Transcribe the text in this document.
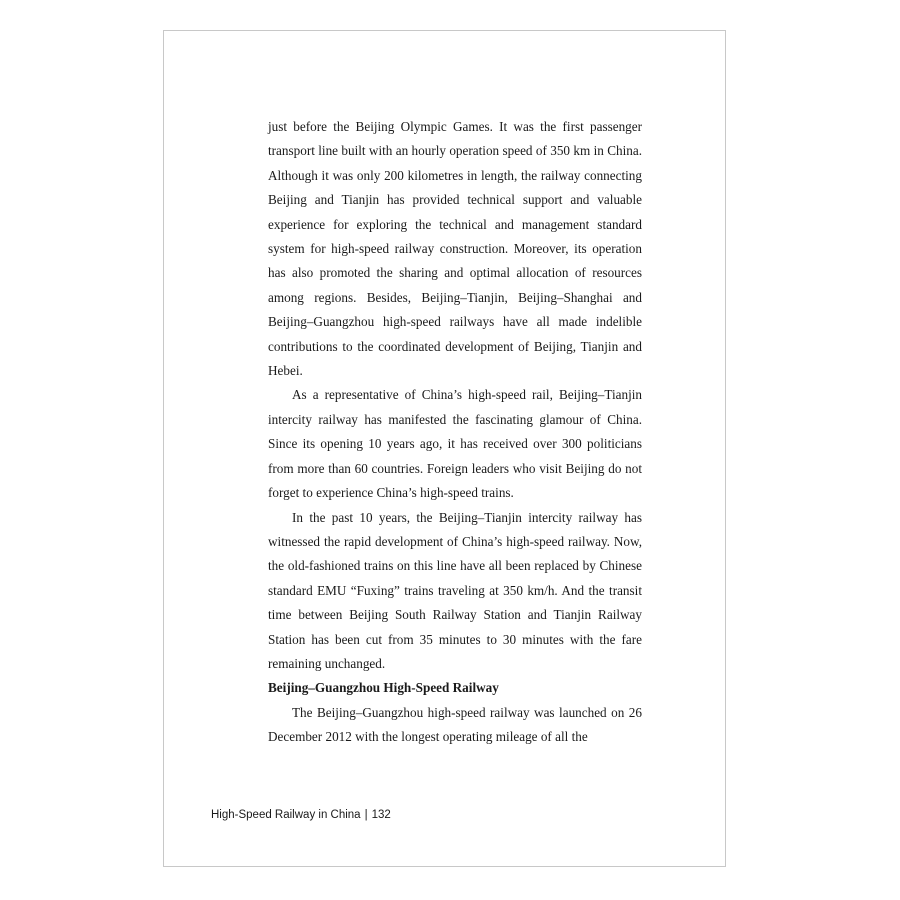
just before the Beijing Olympic Games. It was the first passenger transport line built with an hourly operation speed of 350 km in China. Although it was only 200 kilometres in length, the railway connecting Beijing and Tianjin has provided technical support and valuable experience for exploring the technical and management standard system for high-speed railway construction. Moreover, its operation has also promoted the sharing and optimal allocation of resources among regions. Besides, Beijing–Tianjin, Beijing–Shanghai and Beijing–Guangzhou high-speed railways have all made indelible contributions to the coordinated development of Beijing, Tianjin and Hebei.

As a representative of China’s high-speed rail, Beijing–Tianjin intercity railway has manifested the fascinating glamour of China. Since its opening 10 years ago, it has received over 300 politicians from more than 60 countries. Foreign leaders who visit Beijing do not forget to experience China’s high-speed trains.

In the past 10 years, the Beijing–Tianjin intercity railway has witnessed the rapid development of China’s high-speed railway. Now, the old-fashioned trains on this line have all been replaced by Chinese standard EMU “Fuxing” trains traveling at 350 km/h. And the transit time between Beijing South Railway Station and Tianjin Railway Station has been cut from 35 minutes to 30 minutes with the fare remaining unchanged.

Beijing–Guangzhou High-Speed Railway

The Beijing–Guangzhou high-speed railway was launched on 26 December 2012 with the longest operating mileage of all the

High-Speed Railway in China | 132
